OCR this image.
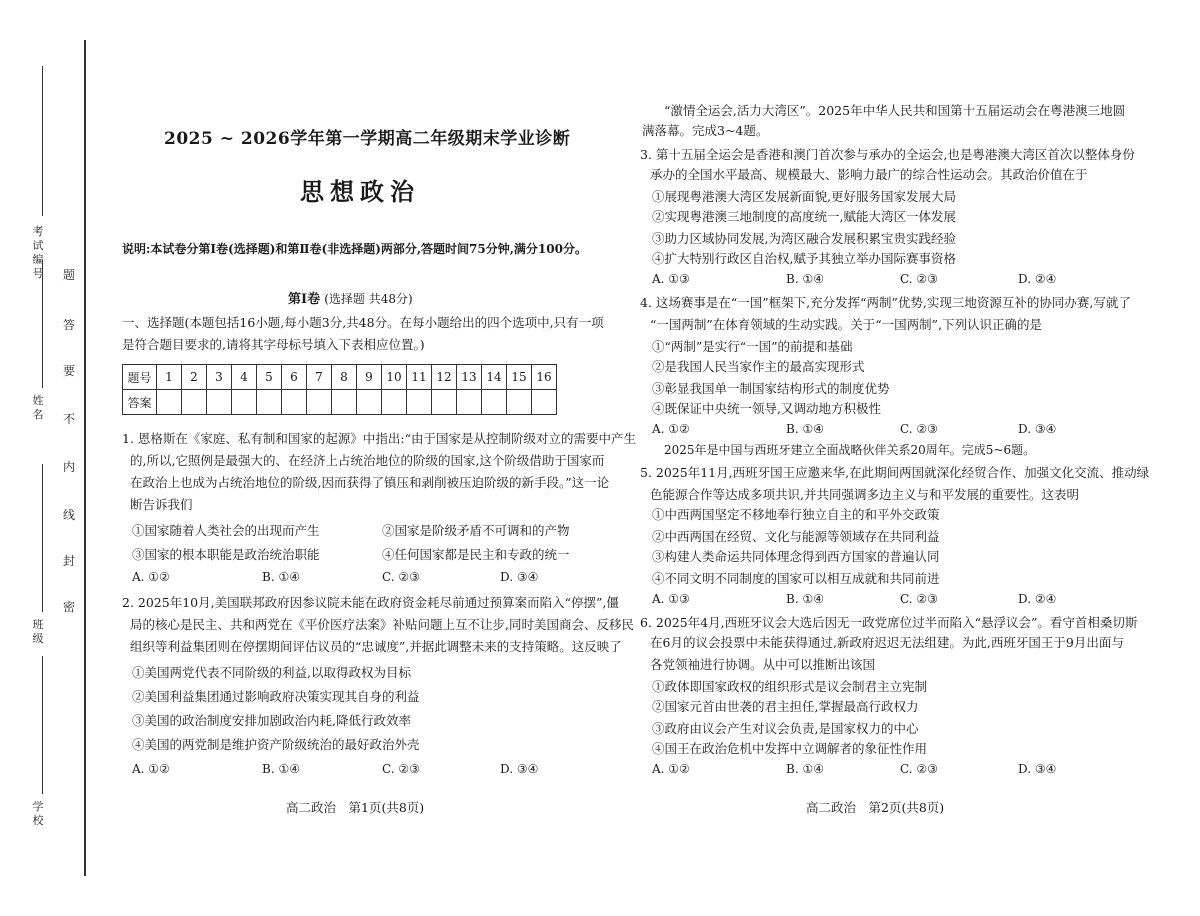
考试编号
姓 名
班 级
学 校
题
答
要
不
内
线
封
密
2025 ~ 2026学年第一学期高二年级期末学业诊断
思想政治
说明:本试卷分第Ⅰ卷(选择题)和第Ⅱ卷(非选择题)两部分,答题时间75分钟,满分100分。
第Ⅰ卷 (选择题 共48分)
一、选择题(本题包括16小题,每小题3分,共48分。在每小题给出的四个选项中,只有一项
是符合题目要求的,请将其字母标号填入下表相应位置。)
题号	1	2	3	4	5	6	7	8	9	10	11	12	13	14	15	16
答案																
1. 恩格斯在《家庭、私有制和国家的起源》中指出:“由于国家是从控制阶级对立的需要中产生
的,所以,它照例是最强大的、在经济上占统治地位的阶级的国家,这个阶级借助于国家而
在政治上也成为占统治地位的阶级,因而获得了镇压和剥削被压迫阶级的新手段。”这一论
断告诉我们
①国家随着人类社会的出现而产生	②国家是阶级矛盾不可调和的产物
③国家的根本职能是政治统治职能	④任何国家都是民主和专政的统一
A. ①②	B. ①④	C. ②③	D. ③④
2. 2025年10月,美国联邦政府因参议院未能在政府资金耗尽前通过预算案而陷入“停摆”,僵
局的核心是民主、共和两党在《平价医疗法案》补贴问题上互不让步,同时美国商会、反移民
组织等利益集团则在停摆期间评估议员的“忠诚度”,并据此调整未来的支持策略。这反映了
①美国两党代表不同阶级的利益,以取得政权为目标
②美国利益集团通过影响政府决策实现其自身的利益
③美国的政治制度安排加剧政治内耗,降低行政效率
④美国的两党制是维护资产阶级统治的最好政治外壳
A. ①②	B. ①④	C. ②③	D. ③④
高二政治　第1页(共8页)
“激情全运会,活力大湾区”。2025年中华人民共和国第十五届运动会在粤港澳三地圆
满落幕。完成3~4题。
3. 第十五届全运会是香港和澳门首次参与承办的全运会,也是粤港澳大湾区首次以整体身份
承办的全国水平最高、规模最大、影响力最广的综合性运动会。其政治价值在于
①展现粤港澳大湾区发展新面貌,更好服务国家发展大局
②实现粤港澳三地制度的高度统一,赋能大湾区一体发展
③助力区域协同发展,为湾区融合发展积累宝贵实践经验
④扩大特别行政区自治权,赋予其独立举办国际赛事资格
A. ①③	B. ①④	C. ②③	D. ②④
4. 这场赛事是在“一国”框架下,充分发挥“两制”优势,实现三地资源互补的协同办赛,写就了
“一国两制”在体育领域的生动实践。关于“一国两制”,下列认识正确的是
①“两制”是实行“一国”的前提和基础
②是我国人民当家作主的最高实现形式
③彰显我国单一制国家结构形式的制度优势
④既保证中央统一领导,又调动地方积极性
A. ①②	B. ①④	C. ②③	D. ③④
2025年是中国与西班牙建立全面战略伙伴关系20周年。完成5~6题。
5. 2025年11月,西班牙国王应邀来华,在此期间两国就深化经贸合作、加强文化交流、推动绿
色能源合作等达成多项共识,并共同强调多边主义与和平发展的重要性。这表明
①中西两国坚定不移地奉行独立自主的和平外交政策
②中西两国在经贸、文化与能源等领域存在共同利益
③构建人类命运共同体理念得到西方国家的普遍认同
④不同文明不同制度的国家可以相互成就和共同前进
A. ①③	B. ①④	C. ②③	D. ②④
6. 2025年4月,西班牙议会大选后因无一政党席位过半而陷入“悬浮议会”。看守首相桑切斯
在6月的议会投票中未能获得通过,新政府迟迟无法组建。为此,西班牙国王于9月出面与
各党领袖进行协调。从中可以推断出该国
①政体即国家政权的组织形式是议会制君主立宪制
②国家元首由世袭的君主担任,掌握最高行政权力
③政府由议会产生对议会负责,是国家权力的中心
④国王在政治危机中发挥中立调解者的象征性作用
A. ①②	B. ①④	C. ②③	D. ③④
高二政治　第2页(共8页)
